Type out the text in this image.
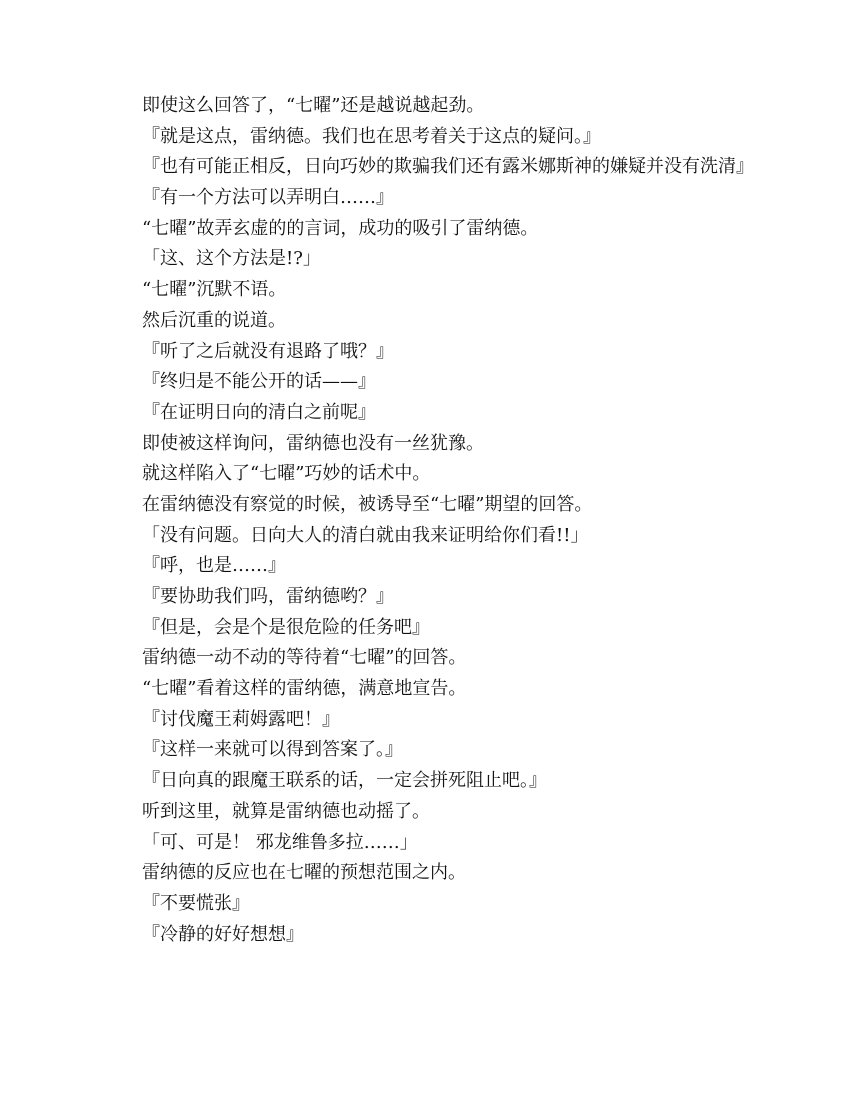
即使这么回答了，“七曜”还是越说越起劲。

『就是这点，雷纳德。我们也在思考着关于这点的疑问。』

『也有可能正相反，日向巧妙的欺骗我们还有露米娜斯神的嫌疑并没有洗清』

『有一个方法可以弄明白……』

“七曜”故弄玄虚的的言词，成功的吸引了雷纳德。

「这、这个方法是!?」

“七曜”沉默不语。

然后沉重的说道。

『听了之后就没有退路了哦？』

『终归是不能公开的话——』

『在证明日向的清白之前呢』

即使被这样询问，雷纳德也没有一丝犹豫。

就这样陷入了“七曜”巧妙的话术中。

在雷纳德没有察觉的时候，被诱导至“七曜”期望的回答。

「没有问题。日向大人的清白就由我来证明给你们看!!」

『呼，也是……』

『要协助我们吗，雷纳德哟？』

『但是，会是个是很危险的任务吧』

雷纳德一动不动的等待着“七曜”的回答。

“七曜”看着这样的雷纳德，满意地宣告。

『讨伐魔王莉姆露吧！』

『这样一来就可以得到答案了。』

『日向真的跟魔王联系的话，一定会拼死阻止吧。』

听到这里，就算是雷纳德也动摇了。

「可、可是！ 邪龙维鲁多拉……」

雷纳德的反应也在七曜的预想范围之内。

『不要慌张』

『冷静的好好想想』
